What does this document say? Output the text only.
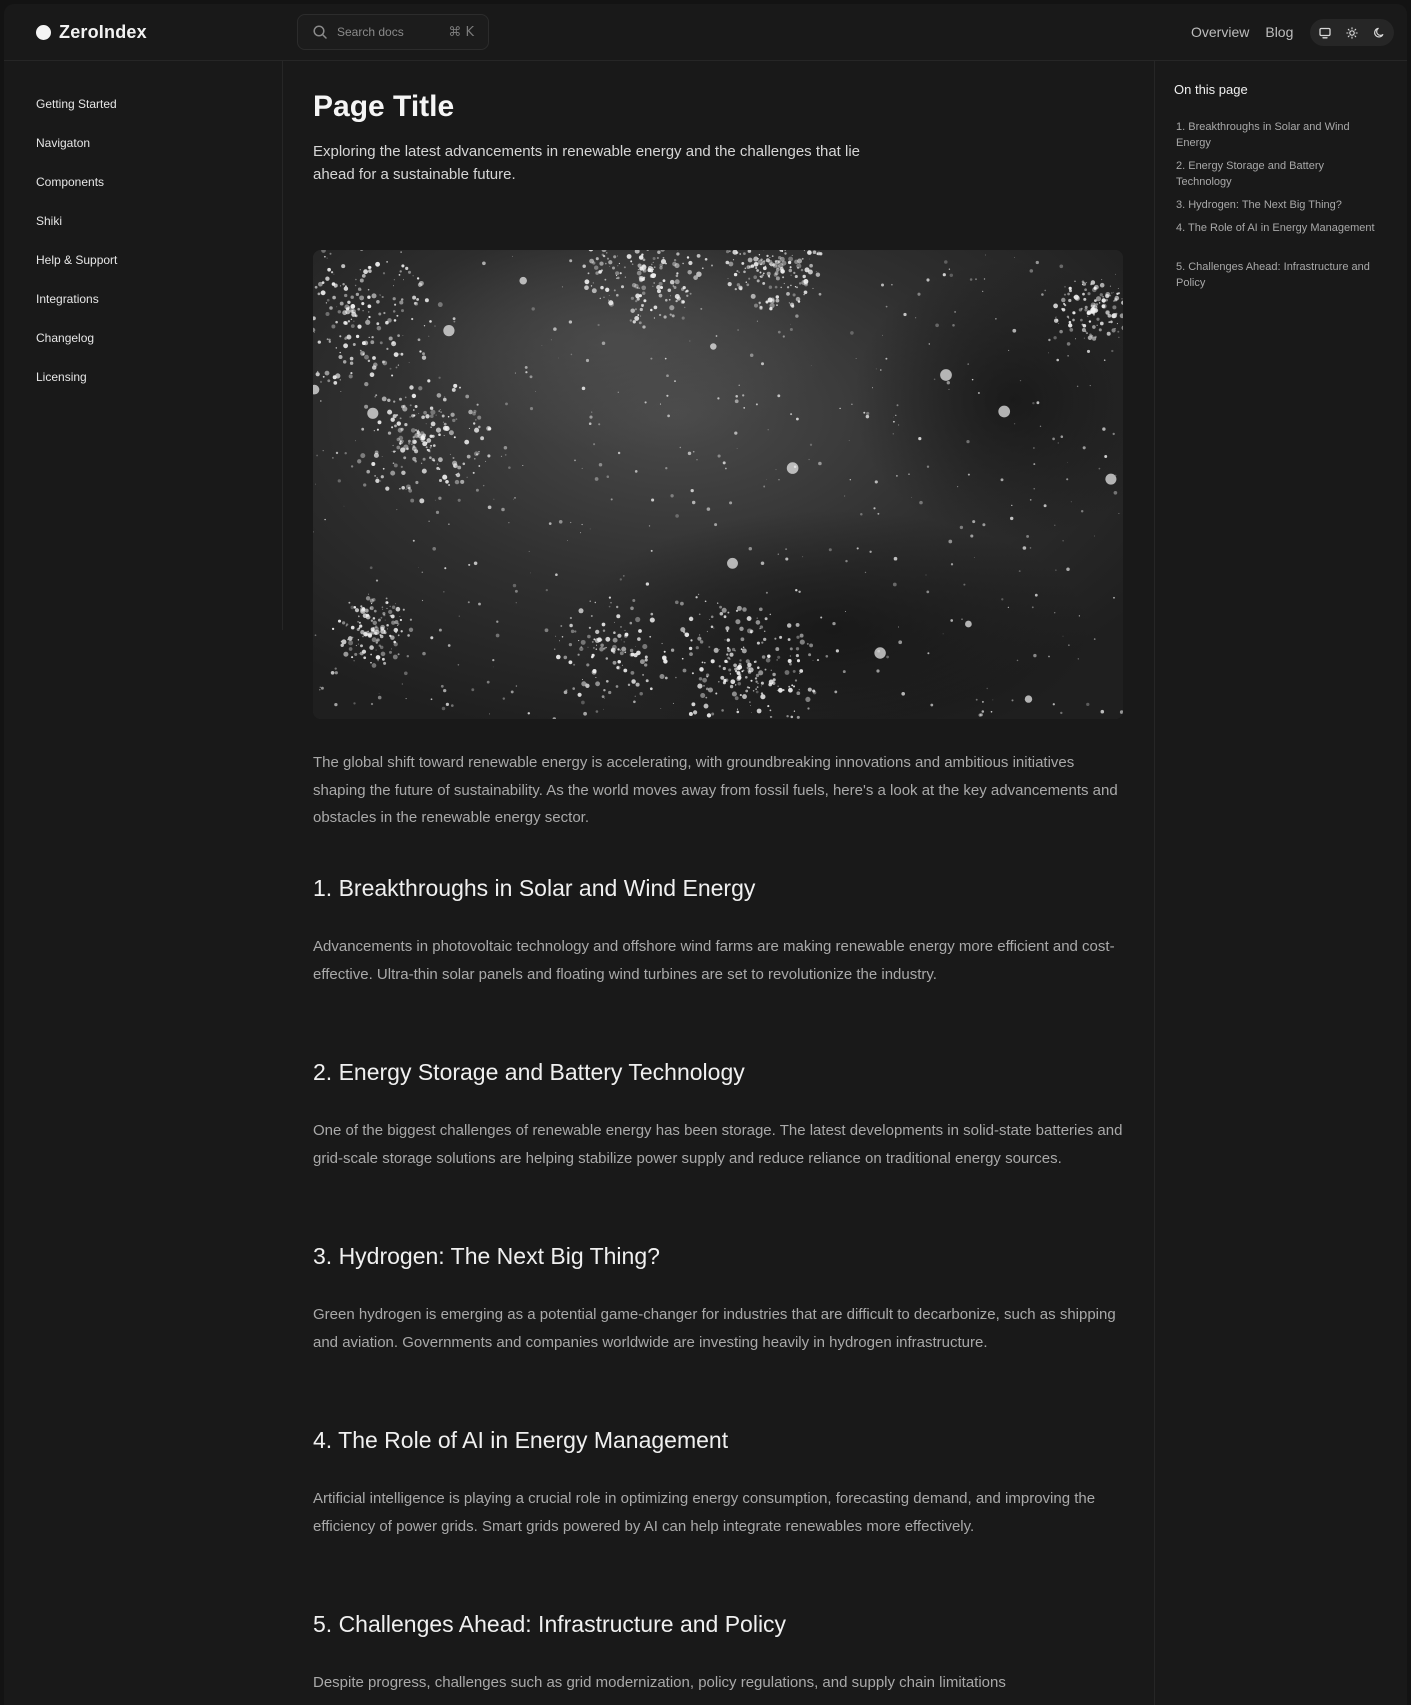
ZeroIndex
Search docs	⌘ K	Overview Blog
Getting Started
Navigaton
Components
Shiki
Help & Support
Integrations
Changelog
Licensing
Page Title

Exploring the latest advancements in renewable energy and the challenges that lie ahead for a sustainable future.

The global shift toward renewable energy is accelerating, with groundbreaking innovations and ambitious initiatives shaping the future of sustainability. As the world moves away from fossil fuels, here's a look at the key advancements and obstacles in the renewable energy sector.

1. Breakthroughs in Solar and Wind Energy

Advancements in photovoltaic technology and offshore wind farms are making renewable energy more efficient and cost-effective. Ultra-thin solar panels and floating wind turbines are set to revolutionize the industry.

2. Energy Storage and Battery Technology

One of the biggest challenges of renewable energy has been storage. The latest developments in solid-state batteries and grid-scale storage solutions are helping stabilize power supply and reduce reliance on traditional energy sources.

3. Hydrogen: The Next Big Thing?

Green hydrogen is emerging as a potential game-changer for industries that are difficult to decarbonize, such as shipping and aviation. Governments and companies worldwide are investing heavily in hydrogen infrastructure.

4. The Role of AI in Energy Management

Artificial intelligence is playing a crucial role in optimizing energy consumption, forecasting demand, and improving the efficiency of power grids. Smart grids powered by AI can help integrate renewables more effectively.

5. Challenges Ahead: Infrastructure and Policy

Despite progress, challenges such as grid modernization, policy regulations, and supply chain limitations

On this page
1. Breakthroughs in Solar and Wind Energy
2. Energy Storage and Battery Technology
3. Hydrogen: The Next Big Thing?
4. The Role of AI in Energy Management
5. Challenges Ahead: Infrastructure and Policy
